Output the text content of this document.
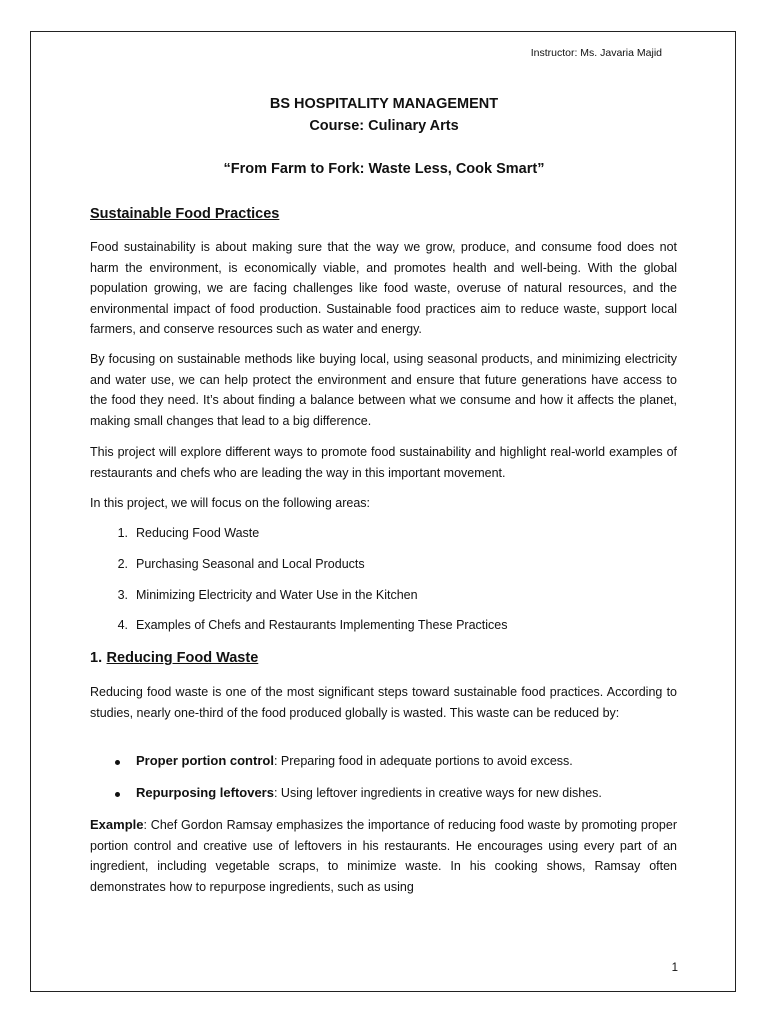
Instructor: Ms. Javaria Majid
BS HOSPITALITY MANAGEMENT
Course: Culinary Arts
“From Farm to Fork: Waste Less, Cook Smart”
Sustainable Food Practices

Food sustainability is about making sure that the way we grow, produce, and consume food does not harm the environment, is economically viable, and promotes health and well-being. With the global population growing, we are facing challenges like food waste, overuse of natural resources, and the environmental impact of food production. Sustainable food practices aim to reduce waste, support local farmers, and conserve resources such as water and energy.

By focusing on sustainable methods like buying local, using seasonal products, and minimizing electricity and water use, we can help protect the environment and ensure that future generations have access to the food they need. It’s about finding a balance between what we consume and how it affects the planet, making small changes that lead to a big difference.

This project will explore different ways to promote food sustainability and highlight real-world examples of restaurants and chefs who are leading the way in this important movement.

In this project, we will focus on the following areas:

1. Reducing Food Waste
2. Purchasing Seasonal and Local Products
3. Minimizing Electricity and Water Use in the Kitchen
4. Examples of Chefs and Restaurants Implementing These Practices
1. Reducing Food Waste

Reducing food waste is one of the most significant steps toward sustainable food practices. According to studies, nearly one-third of the food produced globally is wasted. This waste can be reduced by:

Proper portion control: Preparing food in adequate portions to avoid excess.
Repurposing leftovers: Using leftover ingredients in creative ways for new dishes.

Example: Chef Gordon Ramsay emphasizes the importance of reducing food waste by promoting proper portion control and creative use of leftovers in his restaurants. He encourages using every part of an ingredient, including vegetable scraps, to minimize waste. In his cooking shows, Ramsay often demonstrates how to repurpose ingredients, such as using

1
